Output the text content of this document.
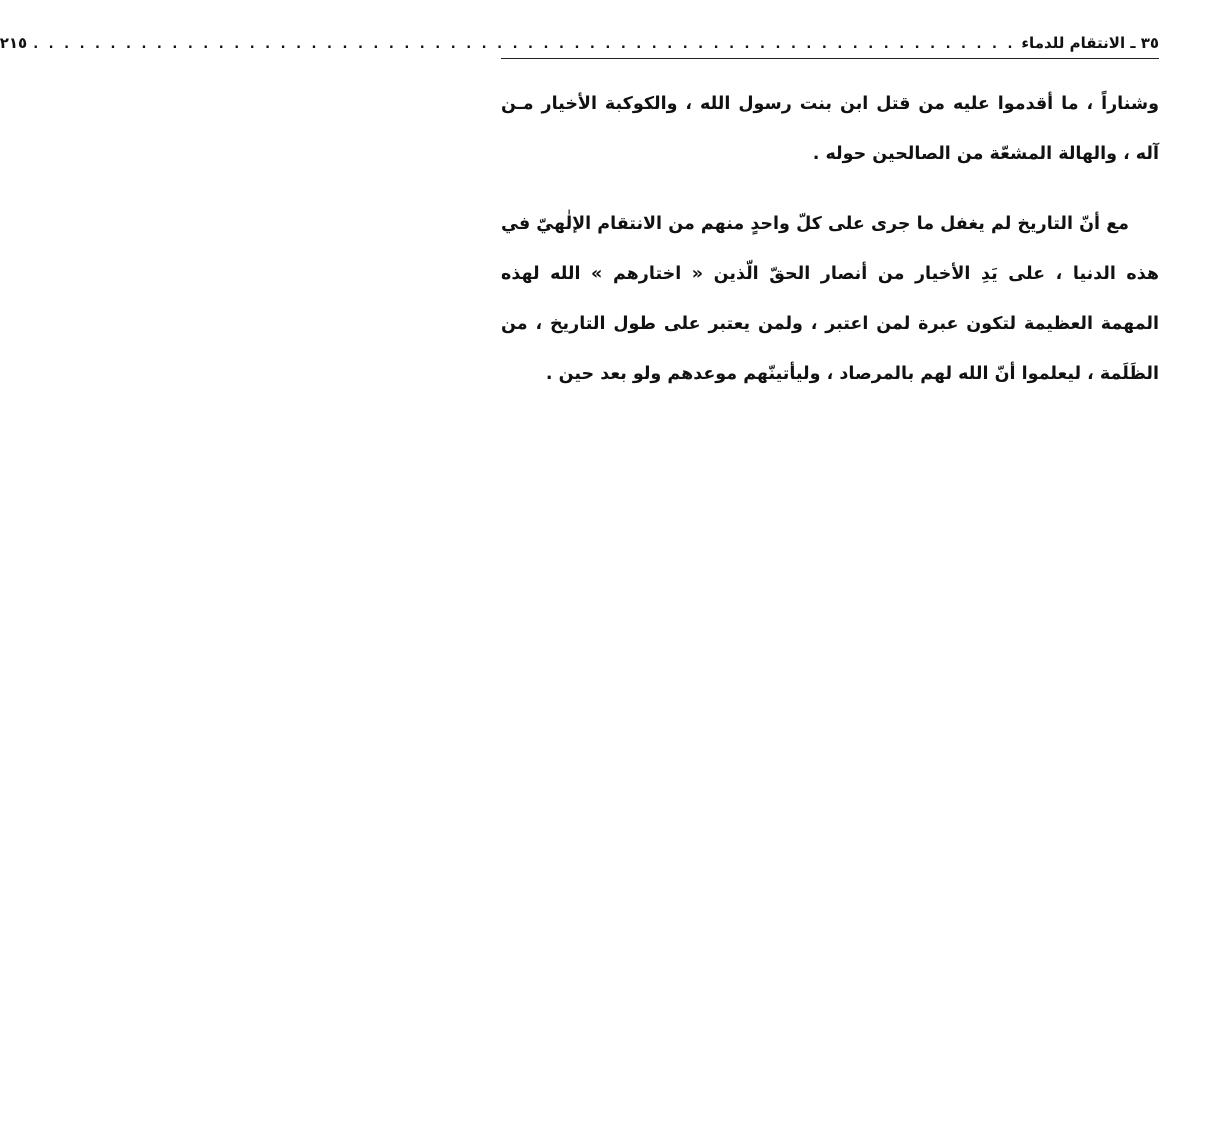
٣٥ ـ الانتقام للدماء
. . . . . . . . . . . . . . . . . . . . . . . . . . . . . . . . . . . . . . . . . . . . . . . . . . . . . . . . . . . . . . . .
٢١٥

وشناراً ، ما أقدموا عليه من قتل ابن بنت رسول الله ، والكوكبة الأخيار مـن آله ، والهالة المشعّة من الصالحين حوله .

مع أنّ التاريخ لم يغفل ما جرى على كلّ واحدٍ منهم من الانتقام الإلٰهيّ في هذه الدنيا ، على يَدِ الأخيار من أنصار الحقّ الّذين « اختارهم » الله لهذه المهمة العظيمة لتكون عبرة لمن اعتبر ، ولمن يعتبر على طول التاريخ ، من الظَلَمة ، ليعلموا أنّ الله لهم بالمرصاد ، وليأتينّهم موعدهم ولو بعد حين .
